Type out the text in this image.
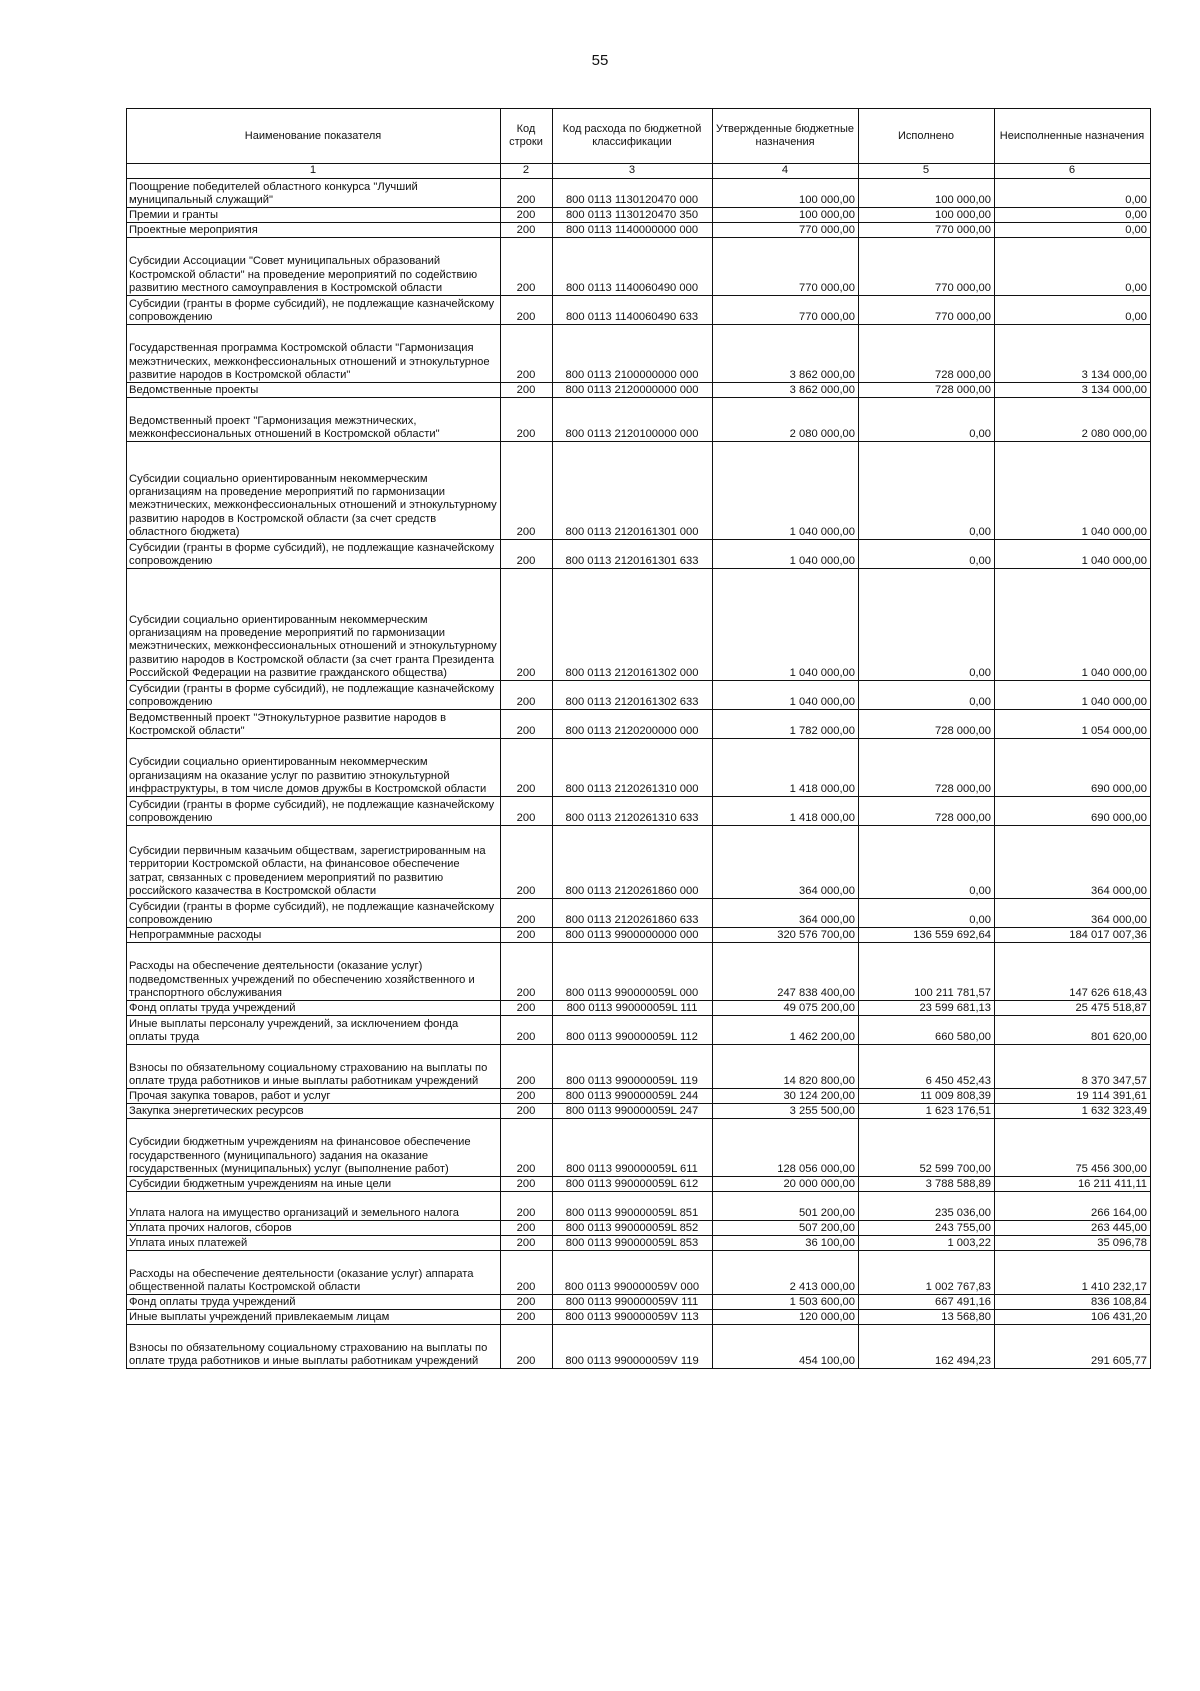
55
Наименование показателя	Код строки	Код расхода по бюджетной классификации	Утвержденные бюджетные назначения	Исполнено	Неисполненные назначения
1	2	3	4	5	6
Поощрение победителей областного конкурса "Лучший муниципальный служащий"	200	800 0113 1130120470 000	100 000,00	100 000,00	0,00
Премии и гранты	200	800 0113 1130120470 350	100 000,00	100 000,00	0,00
Проектные мероприятия	200	800 0113 1140000000 000	770 000,00	770 000,00	0,00
Субсидии Ассоциации "Совет муниципальных образований Костромской области" на проведение мероприятий по содействию развитию местного самоуправления в Костромской области	200	800 0113 1140060490 000	770 000,00	770 000,00	0,00
Субсидии (гранты в форме субсидий), не подлежащие казначейскому сопровождению	200	800 0113 1140060490 633	770 000,00	770 000,00	0,00
Государственная программа Костромской области "Гармонизация межэтнических, межконфессиональных отношений и этнокультурное развитие народов в Костромской области"	200	800 0113 2100000000 000	3 862 000,00	728 000,00	3 134 000,00
Ведомственные проекты	200	800 0113 2120000000 000	3 862 000,00	728 000,00	3 134 000,00
Ведомственный проект "Гармонизация межэтнических, межконфессиональных отношений в Костромской области"	200	800 0113 2120100000 000	2 080 000,00	0,00	2 080 000,00
Субсидии социально ориентированным некоммерческим организациям на проведение мероприятий по гармонизации межэтнических, межконфессиональных отношений и этнокультурному развитию народов в Костромской области (за счет средств областного бюджета)	200	800 0113 2120161301 000	1 040 000,00	0,00	1 040 000,00
Субсидии (гранты в форме субсидий), не подлежащие казначейскому сопровождению	200	800 0113 2120161301 633	1 040 000,00	0,00	1 040 000,00
Субсидии социально ориентированным некоммерческим организациям на проведение мероприятий по гармонизации межэтнических, межконфессиональных отношений и этнокультурному развитию народов в Костромской области (за счет гранта Президента Российской Федерации на развитие гражданского общества)	200	800 0113 2120161302 000	1 040 000,00	0,00	1 040 000,00
Субсидии (гранты в форме субсидий), не подлежащие казначейскому сопровождению	200	800 0113 2120161302 633	1 040 000,00	0,00	1 040 000,00
Ведомственный проект "Этнокультурное развитие народов в Костромской области"	200	800 0113 2120200000 000	1 782 000,00	728 000,00	1 054 000,00
Субсидии социально ориентированным некоммерческим организациям на оказание услуг по развитию этнокультурной инфраструктуры, в том числе домов дружбы в Костромской области	200	800 0113 2120261310 000	1 418 000,00	728 000,00	690 000,00
Субсидии (гранты в форме субсидий), не подлежащие казначейскому сопровождению	200	800 0113 2120261310 633	1 418 000,00	728 000,00	690 000,00
Субсидии первичным казачьим обществам, зарегистрированным на территории Костромской области, на финансовое обеспечение затрат, связанных с проведением мероприятий по развитию российского казачества в Костромской области	200	800 0113 2120261860 000	364 000,00	0,00	364 000,00
Субсидии (гранты в форме субсидий), не подлежащие казначейскому сопровождению	200	800 0113 2120261860 633	364 000,00	0,00	364 000,00
Непрограммные расходы	200	800 0113 9900000000 000	320 576 700,00	136 559 692,64	184 017 007,36
Расходы на обеспечение деятельности (оказание услуг) подведомственных учреждений по обеспечению хозяйственного и транспортного обслуживания	200	800 0113 990000059L 000	247 838 400,00	100 211 781,57	147 626 618,43
Фонд оплаты труда учреждений	200	800 0113 990000059L 111	49 075 200,00	23 599 681,13	25 475 518,87
Иные выплаты персоналу учреждений, за исключением фонда оплаты труда	200	800 0113 990000059L 112	1 462 200,00	660 580,00	801 620,00
Взносы по обязательному социальному страхованию на выплаты по оплате труда работников и иные выплаты работникам учреждений	200	800 0113 990000059L 119	14 820 800,00	6 450 452,43	8 370 347,57
Прочая закупка товаров, работ и услуг	200	800 0113 990000059L 244	30 124 200,00	11 009 808,39	19 114 391,61
Закупка энергетических ресурсов	200	800 0113 990000059L 247	3 255 500,00	1 623 176,51	1 632 323,49
Субсидии бюджетным учреждениям на финансовое обеспечение государственного (муниципального) задания на оказание государственных (муниципальных) услуг (выполнение работ)	200	800 0113 990000059L 611	128 056 000,00	52 599 700,00	75 456 300,00
Субсидии бюджетным учреждениям на иные цели	200	800 0113 990000059L 612	20 000 000,00	3 788 588,89	16 211 411,11
Уплата налога на имущество организаций и земельного налога	200	800 0113 990000059L 851	501 200,00	235 036,00	266 164,00
Уплата прочих налогов, сборов	200	800 0113 990000059L 852	507 200,00	243 755,00	263 445,00
Уплата иных платежей	200	800 0113 990000059L 853	36 100,00	1 003,22	35 096,78
Расходы на обеспечение деятельности (оказание услуг) аппарата общественной палаты Костромской области	200	800 0113 990000059V 000	2 413 000,00	1 002 767,83	1 410 232,17
Фонд оплаты труда учреждений	200	800 0113 990000059V 111	1 503 600,00	667 491,16	836 108,84
Иные выплаты учреждений привлекаемым лицам	200	800 0113 990000059V 113	120 000,00	13 568,80	106 431,20
Взносы по обязательному социальному страхованию на выплаты по оплате труда работников и иные выплаты работникам учреждений	200	800 0113 990000059V 119	454 100,00	162 494,23	291 605,77
